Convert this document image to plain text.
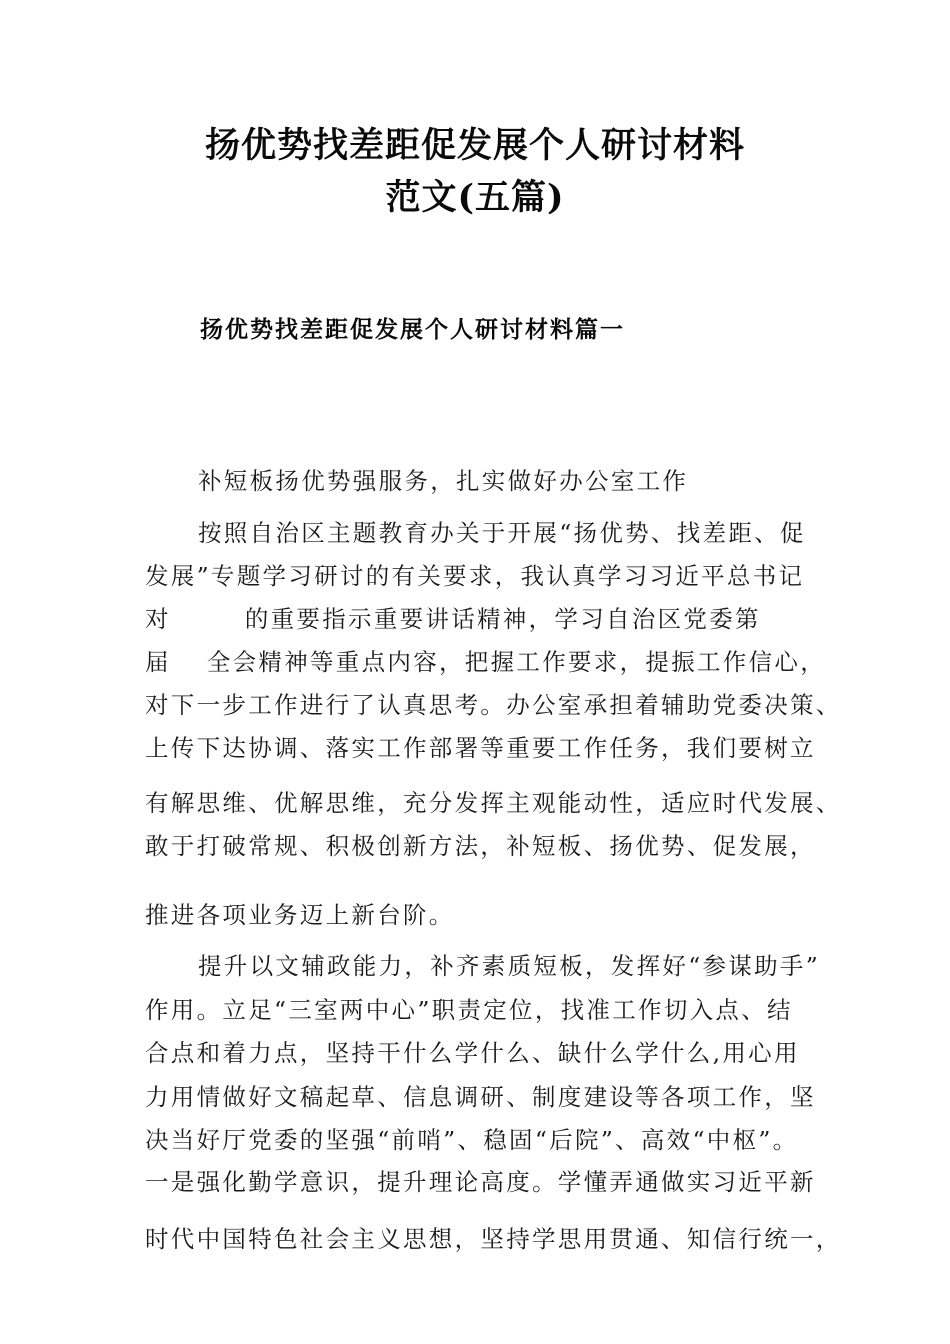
扬优势找差距促发展个人研讨材料
范文(五篇)
扬优势找差距促发展个人研讨材料篇一
补短板扬优势强服务，扎实做好办公室工作
按照自治区主题教育办关于开展“扬优势、找差距、促
发展”专题学习研讨的有关要求，我认真学习习近平总书记
对	的重要指示重要讲话精神，学习自治区党委第
届 全会精神等重点内容，把握工作要求，提振工作信心，
对下一步工作进行了认真思考。办公室承担着辅助党委决策、
上传下达协调、落实工作部署等重要工作任务，我们要树立
有解思维、优解思维，充分发挥主观能动性，适应时代发展、
敢于打破常规、积极创新方法，补短板、扬优势、促发展，
推进各项业务迈上新台阶。
提升以文辅政能力，补齐素质短板，发挥好“参谋助手”
作用。立足“三室两中心”职责定位，找准工作切入点、结
合点和着力点，坚持干什么学什么、缺什么学什么,用心用
力用情做好文稿起草、信息调研、制度建设等各项工作，坚
决当好厅党委的坚强“前哨”、稳固“后院”、高效“中枢”。
一是强化勤学意识，提升理论高度。学懂弄通做实习近平新
时代中国特色社会主义思想，坚持学思用贯通、知信行统一，
